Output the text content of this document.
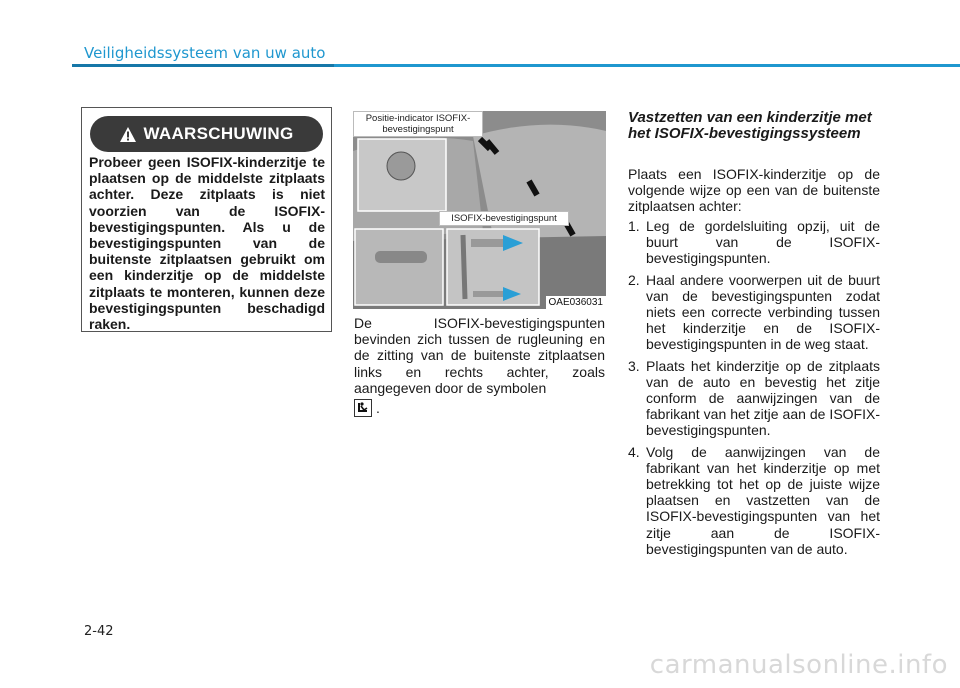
Veiligheidssysteem van uw auto
WAARSCHUWING
Probeer geen ISOFIX-kinderzitje te plaatsen op de middelste zitplaats achter. Deze zitplaats is niet voorzien van de ISOFIX-bevestigingspunten. Als u de bevestigingspunten van de buitenste zitplaatsen gebruikt om een kinderzitje op de middelste zitplaats te monteren, kunnen deze bevestigingspunten beschadigd raken.
Positie-indicator ISOFIX-bevestigingspunt
ISOFIX-bevestigingspunt
OAE036031
De ISOFIX-bevestigingspunten bevinden zich tussen de rugleuning en de zitting van de buitenste zitplaatsen links en rechts achter, zoals aangegeven door de symbolen
.
Vastzetten van een kinderzitje met het ISOFIX-bevestigingssysteem
Plaats een ISOFIX-kinderzitje op de volgende wijze op een van de buitenste zitplaatsen achter:
1. Leg de gordelsluiting opzij, uit de buurt van de ISOFIX-bevestigingspunten.
2. Haal andere voorwerpen uit de buurt van de bevestigingspunten zodat niets een correcte verbinding tussen het kinderzitje en de ISOFIX-bevestigingspunten in de weg staat.
3. Plaats het kinderzitje op de zitplaats van de auto en bevestig het zitje conform de aanwijzingen van de fabrikant van het zitje aan de ISOFIX-bevestigingspunten.
4. Volg de aanwijzingen van de fabrikant van het kinderzitje op met betrekking tot het op de juiste wijze plaatsen en vastzetten van de ISOFIX-bevestigingspunten van het zitje aan de ISOFIX-bevestigingspunten van de auto.
2-42
carmanualsonline.info
